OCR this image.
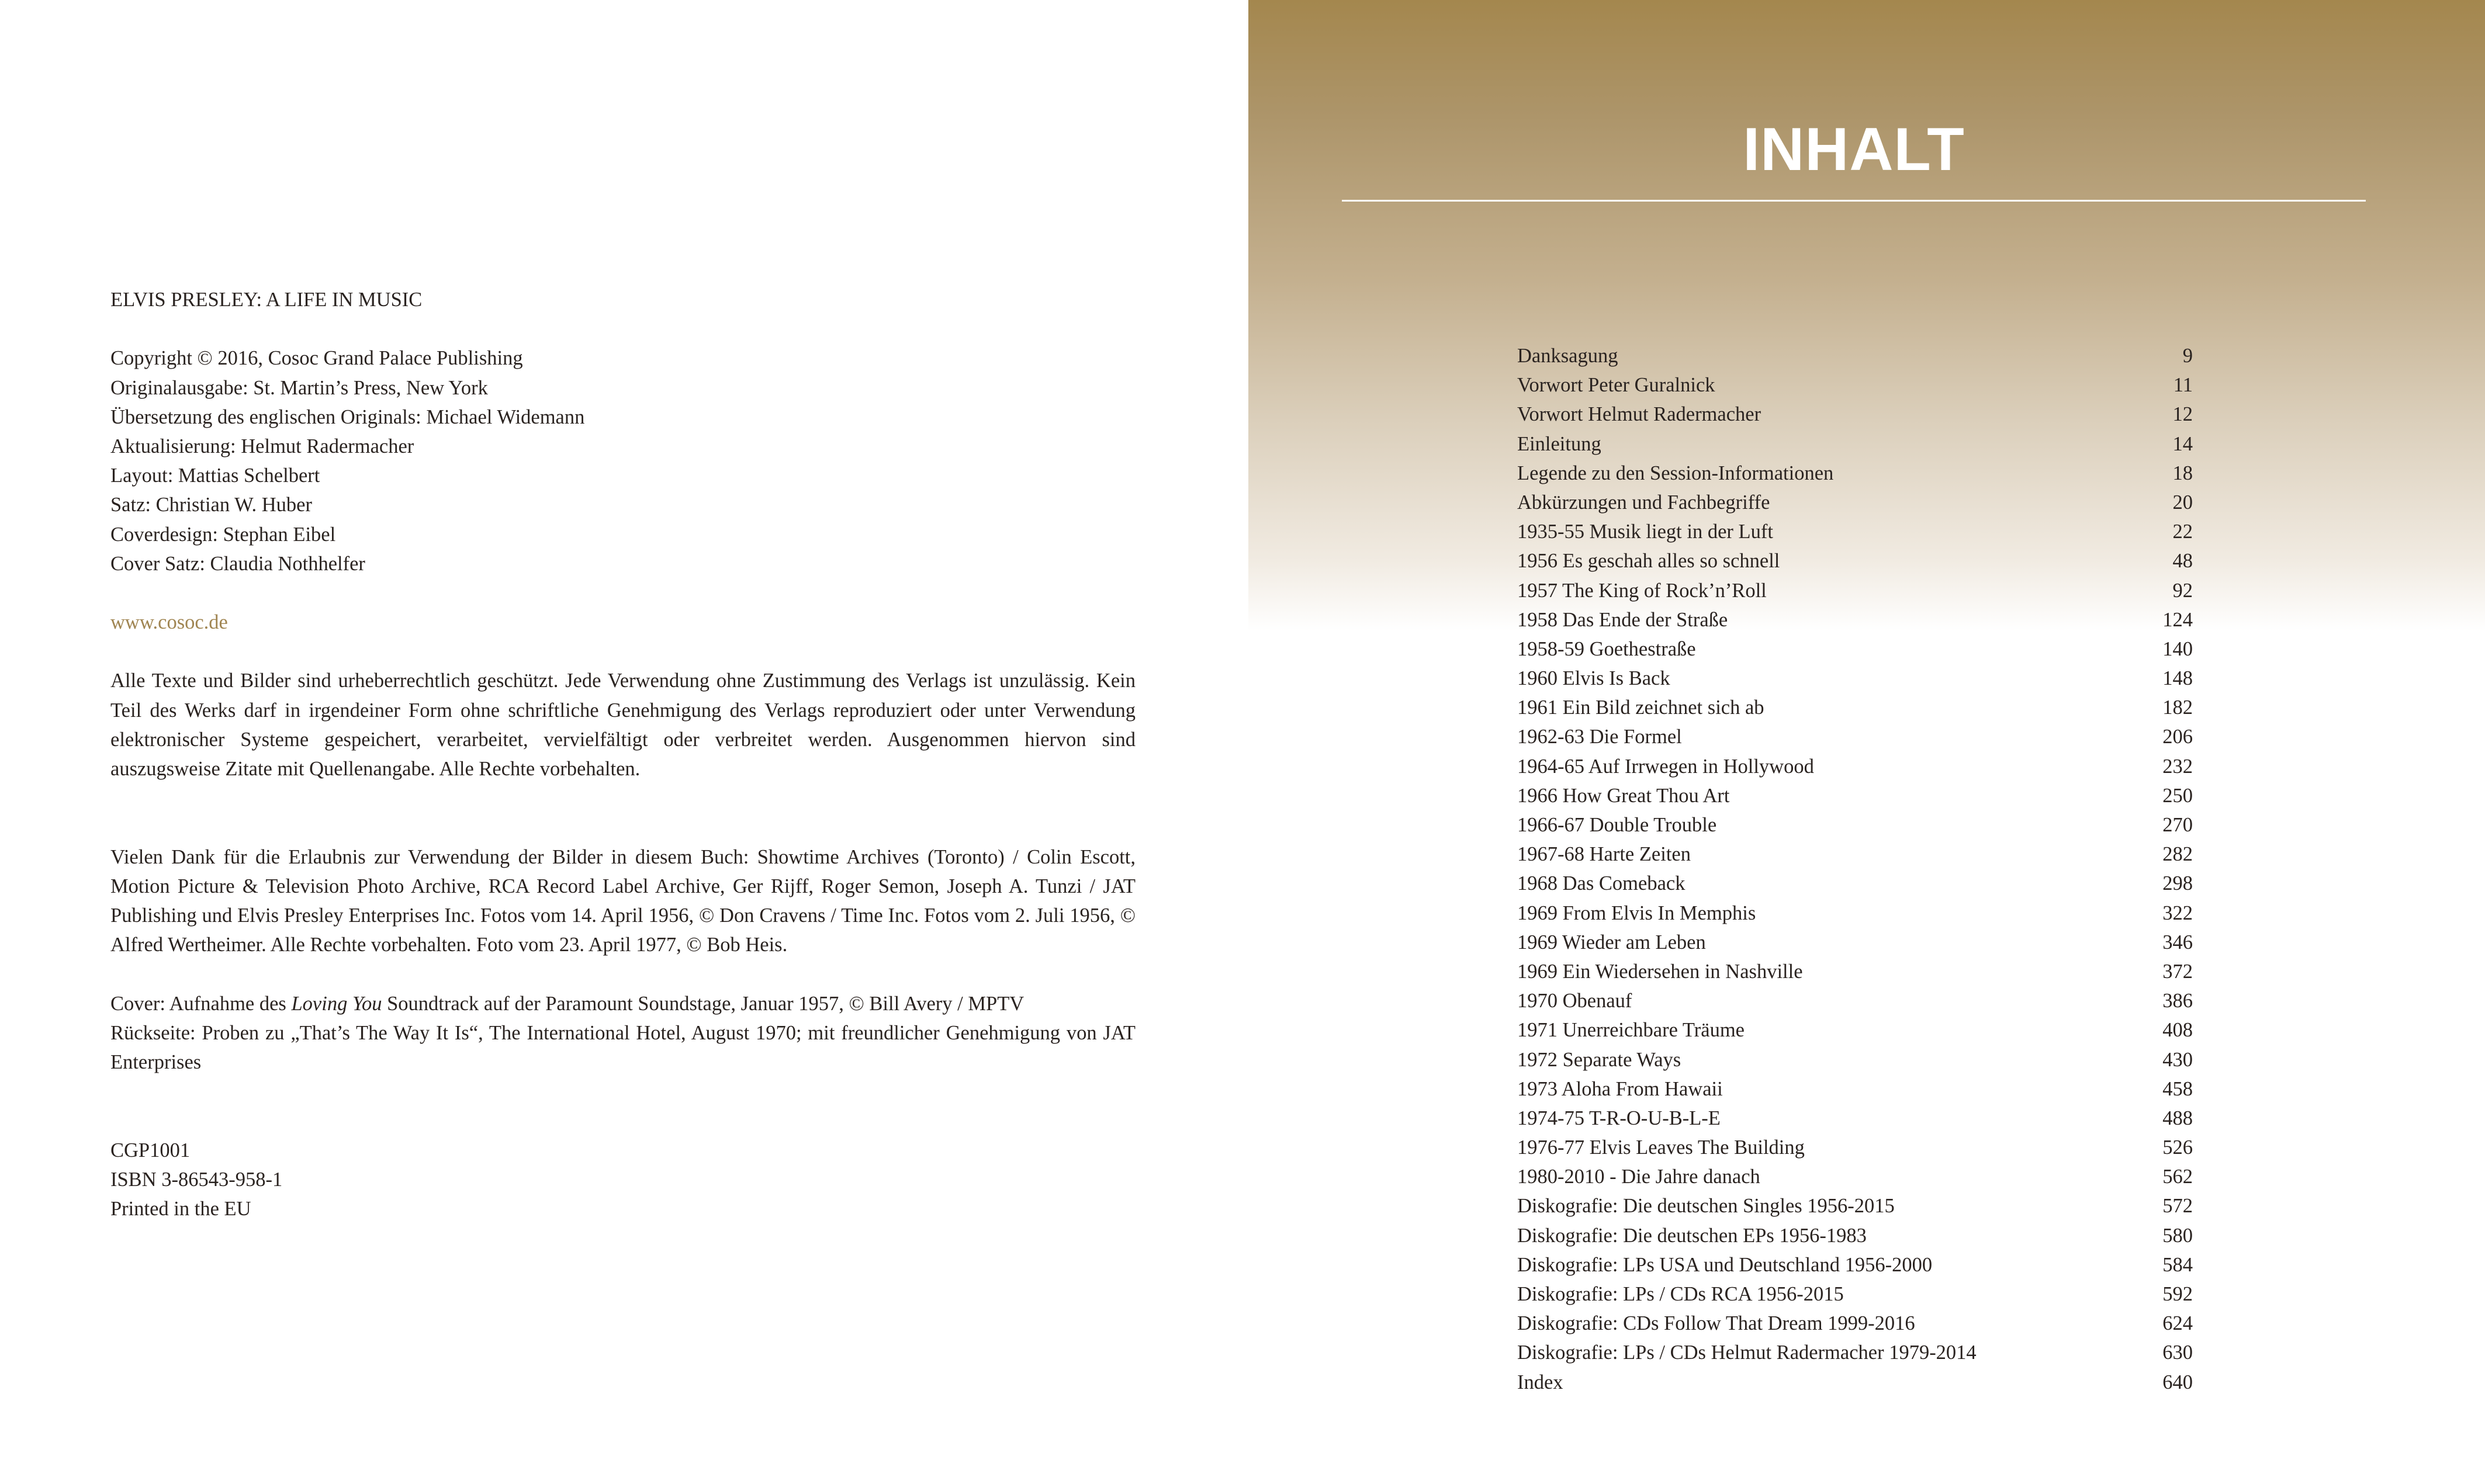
ELVIS PRESLEY: A LIFE IN MUSIC
Copyright © 2016, Cosoc Grand Palace Publishing
Originalausgabe: St. Martin’s Press, New York
Übersetzung des englischen Originals: Michael Widemann
Aktualisierung: Helmut Radermacher
Layout: Mattias Schelbert
Satz: Christian W. Huber
Coverdesign: Stephan Eibel
Cover Satz: Claudia Nothhelfer
www.cosoc.de
Alle Texte und Bilder sind urheberrechtlich geschützt. Jede Verwendung ohne Zustimmung des Verlags ist unzulässig. Kein Teil des Werks darf in irgendeiner Form ohne schriftliche Genehmigung des Verlags reproduziert oder unter Verwendung elektronischer Systeme gespeichert, verarbeitet, vervielfältigt oder verbreitet werden. Ausgenommen hiervon sind auszugsweise Zitate mit Quellenangabe. Alle Rechte vorbehalten.
Vielen Dank für die Erlaubnis zur Verwendung der Bilder in diesem Buch: Showtime Archives (Toronto) / Colin Escott, Motion Picture & Television Photo Archive, RCA Record Label Archive, Ger Rijff, Roger Semon, Joseph A. Tunzi / JAT Publishing und Elvis Presley Enterprises Inc. Fotos vom 14. April 1956, © Don Cravens / Time Inc. Fotos vom 2. Juli 1956, © Alfred Wertheimer. Alle Rechte vorbehalten. Foto vom 23. April 1977, © Bob Heis.
Cover: Aufnahme des Loving You Soundtrack auf der Paramount Soundstage, Januar 1957, © Bill Avery / MPTV
Rückseite: Proben zu „That’s The Way It Is“, The International Hotel, August 1970; mit freundlicher Genehmigung von JAT Enterprises
CGP1001
ISBN 3-86543-958-1
Printed in the EU
INHALT
Danksagung	9
Vorwort Peter Guralnick	11
Vorwort Helmut Radermacher	12
Einleitung	14
Legende zu den Session-Informationen	18
Abkürzungen und Fachbegriffe	20
1935-55 Musik liegt in der Luft	22
1956 Es geschah alles so schnell	48
1957 The King of Rock’n’Roll	92
1958 Das Ende der Straße	124
1958-59 Goethestraße	140
1960 Elvis Is Back	148
1961 Ein Bild zeichnet sich ab	182
1962-63 Die Formel	206
1964-65 Auf Irrwegen in Hollywood	232
1966 How Great Thou Art	250
1966-67 Double Trouble	270
1967-68 Harte Zeiten	282
1968 Das Comeback	298
1969 From Elvis In Memphis	322
1969 Wieder am Leben	346
1969 Ein Wiedersehen in Nashville	372
1970 Obenauf	386
1971 Unerreichbare Träume	408
1972 Separate Ways	430
1973 Aloha From Hawaii	458
1974-75 T-R-O-U-B-L-E	488
1976-77 Elvis Leaves The Building	526
1980-2010 - Die Jahre danach	562
Diskografie: Die deutschen Singles 1956-2015	572
Diskografie: Die deutschen EPs 1956-1983	580
Diskografie: LPs USA und Deutschland 1956-2000	584
Diskografie: LPs / CDs RCA 1956-2015	592
Diskografie: CDs Follow That Dream 1999-2016	624
Diskografie: LPs / CDs Helmut Radermacher 1979-2014	630
Index	640
